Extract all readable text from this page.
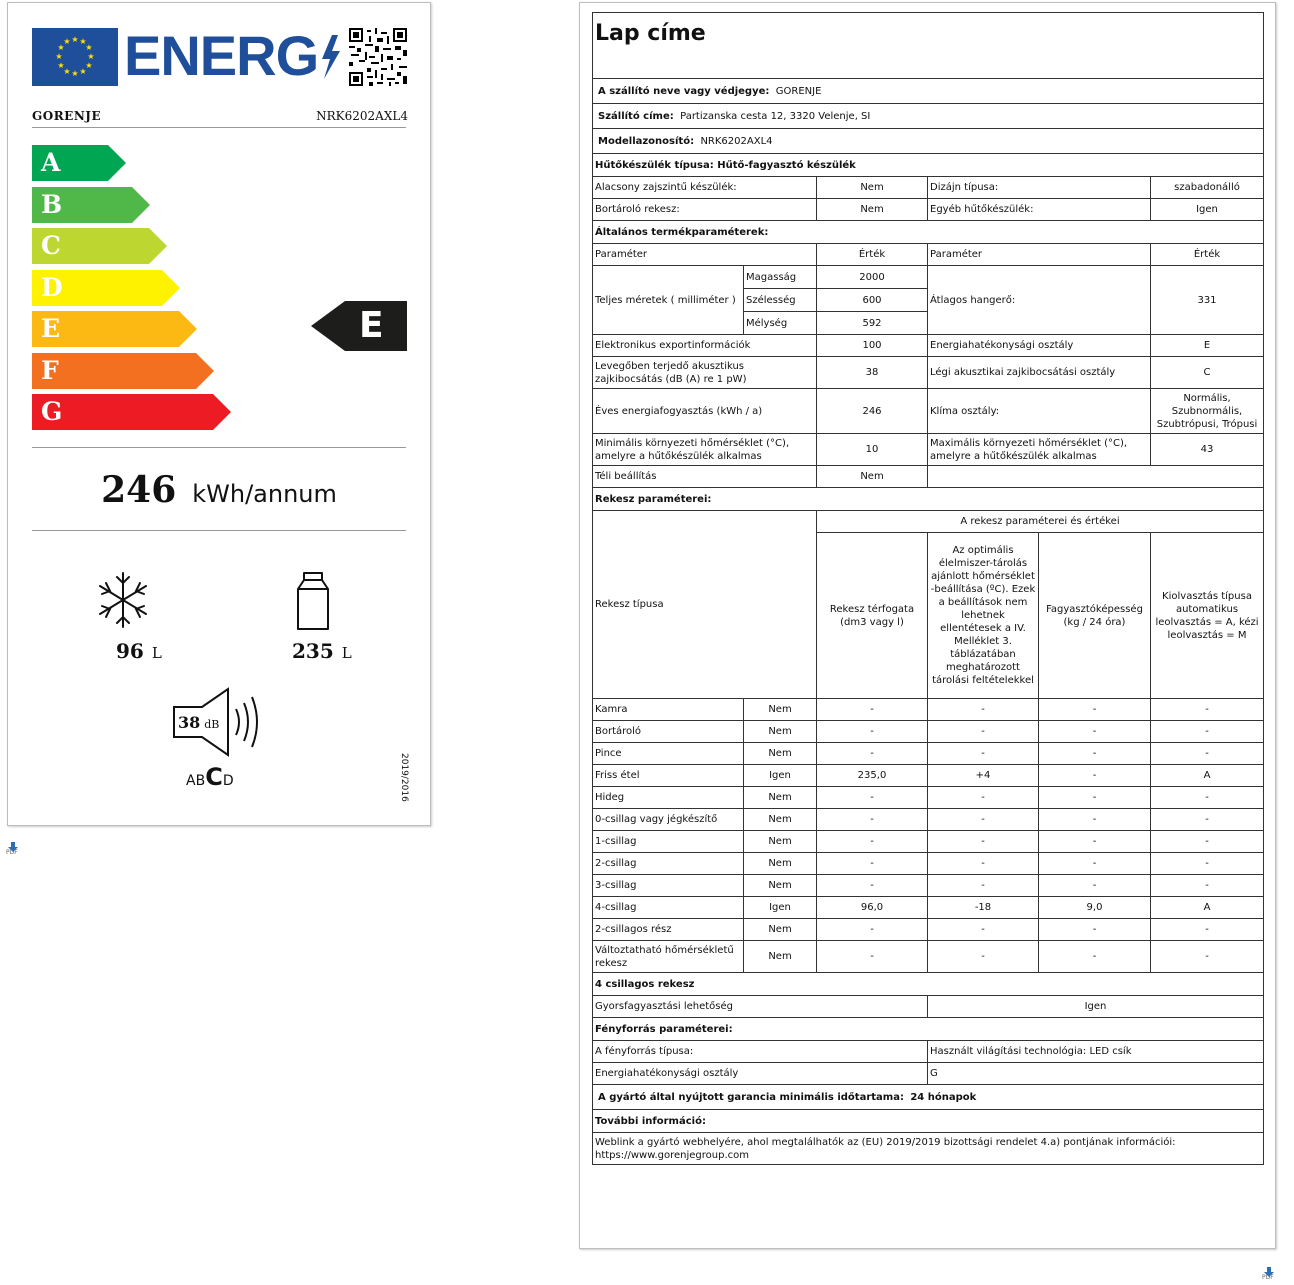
★ ★
★
★
★
★
★
★
★
★
★
★ ENERG
GORENJE	NRK6202AXL4
A
B
C
D
E
F
G
E
246 kWh/annum
96 L	235 L
38 dB
ABCD	2019/2016
PDF
Lap címe					
A szállító neve vagy védjegye: GORENJE					
Szállító címe: Partizanska cesta 12, 3320 Velenje, SI					
Modellazonosító: NRK6202AXL4					
Hűtőkészülék típusa: Hűtő-fagyasztó készülék					
Alacsony zajszintű készülék:		Nem	Dizájn típusa:		szabadonálló
Bortároló rekesz:		Nem	Egyéb hűtőkészülék:		Igen
Általános termékparaméterek:					
Paraméter		Érték	Paraméter		Érték
Teljes méretek ( milliméter )	Magasság	2000	Átlagos hangerő:		331
	Szélesség	600			
	Mélység	592			
Elektronikus exportinformációk		100	Energiahatékonysági osztály		E
Levegőben terjedő akusztikus zajkibocsátás (dB (A) re 1 pW)		38	Légi akusztikai zajkibocsátási osztály		C
Éves energiafogyasztás (kWh / a)		246	Klíma osztály:		Normális, Szubnormális, Szubtrópusi, Trópusi
Minimális környezeti hőmérséklet (°C), amelyre a hűtőkészülék alkalmas		10	Maximális környezeti hőmérséklet (°C), amelyre a hűtőkészülék alkalmas		43
Téli beállítás		Nem			
Rekesz paraméterei:					
Rekesz típusa		A rekesz paraméterei és értékei			
		Rekesz térfogata (dm3 vagy l)	Az optimális élelmiszer-tárolás ajánlott hőmérséklet -beállítása (ºC). Ezek a beállítások nem lehetnek ellentétesek a IV. Melléklet 3. táblázatában meghatározott tárolási feltételekkel	Fagyasztóképesség (kg / 24 óra)	Kiolvasztás típusa automatikus leolvasztás = A, kézi leolvasztás = M
Kamra	Nem	-	-	-	-
Bortároló	Nem	-	-	-	-
Pince	Nem	-	-	-	-
Friss étel	Igen	235,0	+4	-	A
Hideg	Nem	-	-	-	-
0-csillag vagy jégkészítő	Nem	-	-	-	-
1-csillag	Nem	-	-	-	-
2-csillag	Nem	-	-	-	-
3-csillag	Nem	-	-	-	-
4-csillag	Igen	96,0	-18	9,0	A
2-csillagos rész	Nem	-	-	-	-
Változtatható hőmérsékletű rekesz	Nem	-	-	-	-
4 csillagos rekesz					
Gyorsfagyasztási lehetőség			Igen		
Fényforrás paraméterei:					
A fényforrás típusa:			Használt világítási technológia: LED csík		
Energiahatékonysági osztály			G		
A gyártó által nyújtott garancia minimális időtartama: 24 hónapok					
További információ:					
Weblink a gyártó webhelyére, ahol megtalálhatók az (EU) 2019/2019 bizottsági rendelet 4.a) pontjának információi:
https://www.gorenjegroup.com					
PDF
